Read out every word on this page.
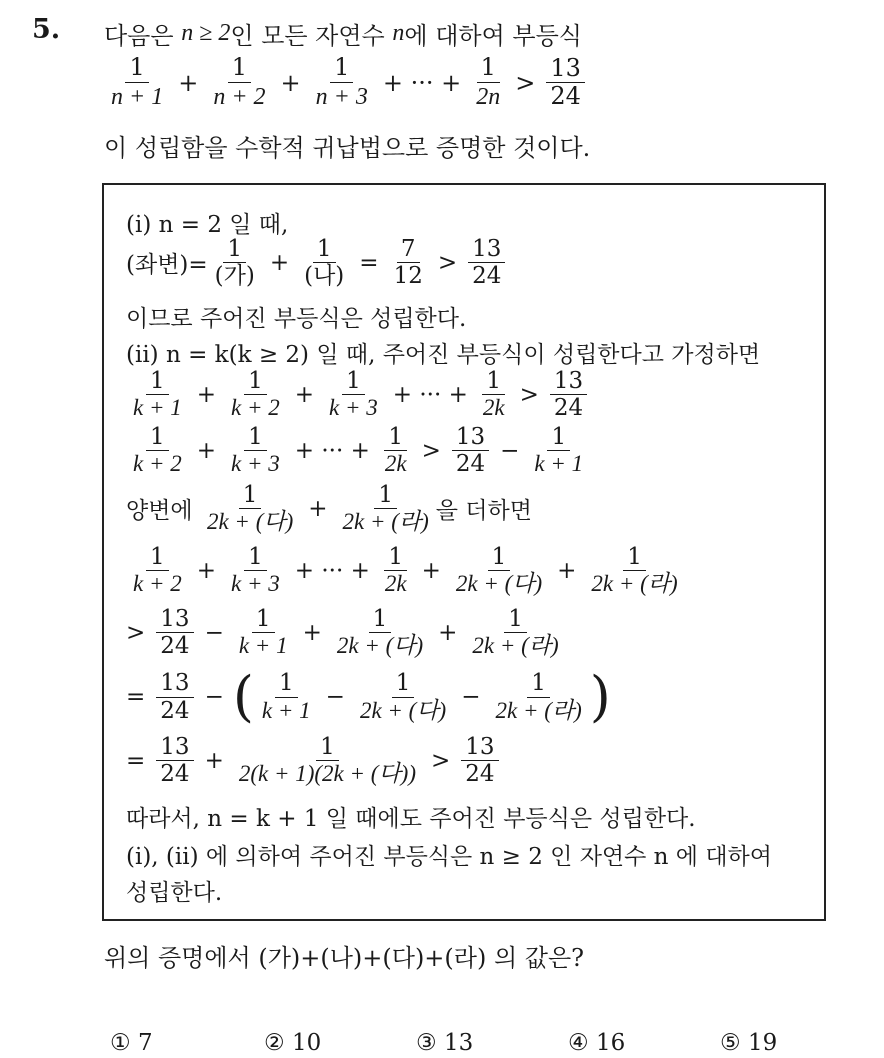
5. 다음은
n ≥ 2 인 모든 자연수
n 에 대하여 부등식
$\frac{1}{n + 1} + \frac{1}{n + 2} + \frac{1}{n + 3}$ + ··· + $\frac{1}{2n} > \frac{13}{24}$
이 성립함을 수학적 귀납법으로 증명한 것이다.
(i) n = 2 일 때,
(좌변)= $\frac{1}{\text{(가)}} + \frac{1}{\text{(나)}} = \frac{7}{12} > \frac{13}{24}$
이므로 주어진 부등식은 성립한다.
(ii) n = k(k ≥ 2) 일 때, 주어진 부등식이 성립한다고 가정하면
$\frac{1}{k + 1} + \frac{1}{k + 2} + \frac{1}{k + 3}$ + ··· + $\frac{1}{2k} > \frac{13}{24}$
$\frac{1}{k + 2} + \frac{1}{k + 3}$ + ··· + $\frac{1}{2k} > \frac{13}{24} - \frac{1}{k + 1}$
양변에
$\frac{1}{\text{2k + (다)}} + \frac{1}{\text{2k + (라)}}$ 을 더하면
$\frac{1}{k + 2} + \frac{1}{k + 3}$ + ··· + $\frac{1}{2k} + \frac{1}{\text{2k + (다)}} + \frac{1}{\text{2k + (라)}}$
> $\frac{13}{24} - \frac{1}{k + 1} + \frac{1}{\text{2k + (다)}} + \frac{1}{\text{2k + (라)}}$
= $\frac{13}{24}$ − ( $\frac{1}{k + 1} - \frac{1}{\text{2k + (다)}} - \frac{1}{\text{2k + (라)}}$ )
= $\frac{13}{24} + \frac{1}{\text{2(k + 1)(2k + (다))}} > \frac{13}{24}$
따라서, n = k + 1 일 때에도 주어진 부등식은 성립한다.
(i), (ii) 에 의하여 주어진 부등식은 n ≥ 2 인 자연수 n 에 대하여
성립한다.
위의 증명에서 (가)+(나)+(다)+(라) 의 값은?
① 7	② 10	③ 13	④ 16	⑤ 19
